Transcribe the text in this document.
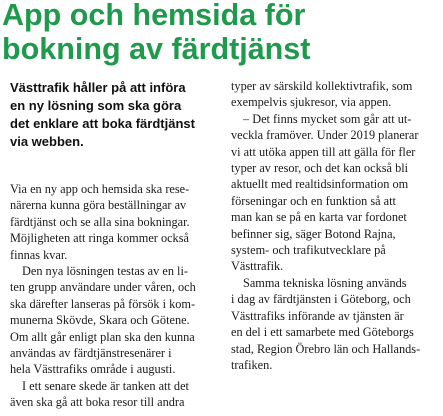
App och hemsida för
bokning av färdtjänst

Västtrafik håller på att införa
en ny lösning som ska göra
det enklare att boka färdtjänst
via webben.

Via en ny app och hemsida ska rese-
närerna kunna göra beställningar av
färdtjänst och se alla sina bokningar.
Möjligheten att ringa kommer också
finnas kvar.
Den nya lösningen testas av en li-
ten grupp användare under våren, och
ska därefter lanseras på försök i kom-
munerna Skövde, Skara och Götene.
Om allt går enligt plan ska den kunna
användas av färdtjänstresenärer i
hela Västtrafiks område i augusti.
I ett senare skede är tanken att det
även ska gå att boka resor till andra
typer av särskild kollektivtrafik, som
exempelvis sjukresor, via appen.
– Det finns mycket som går att ut-
veckla framöver. Under 2019 planerar
vi att utöka appen till att gälla för fler
typer av resor, och det kan också bli
aktuellt med realtidsinformation om
förseningar och en funktion så att
man kan se på en karta var fordonet
befinner sig, säger Botond Rajna,
system- och trafikutvecklare på
Västtrafik.
Samma tekniska lösning används
i dag av färdtjänsten i Göteborg, och
Västtrafiks införande av tjänsten är
en del i ett samarbete med Göteborgs
stad, Region Örebro län och Hallands-
trafiken.
